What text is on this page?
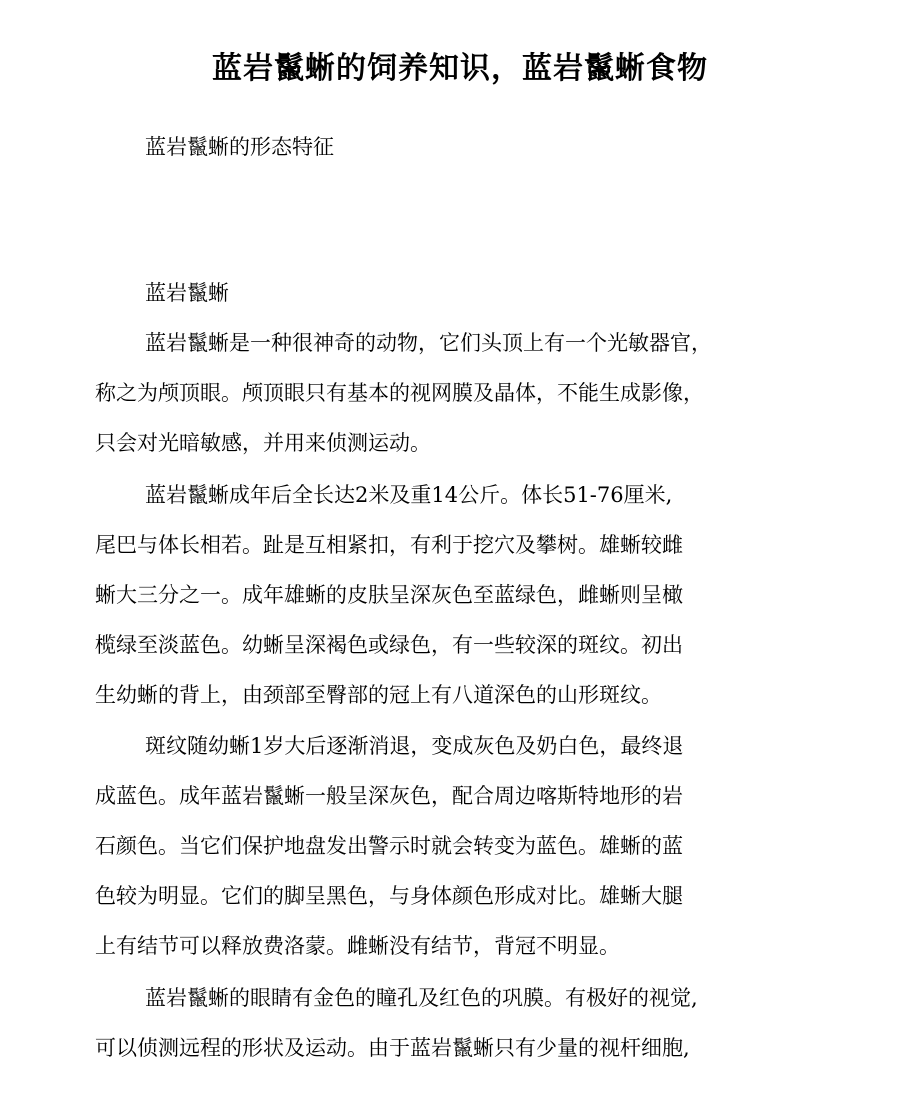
蓝岩鬣蜥的饲养知识，蓝岩鬣蜥食物
蓝岩鬣蜥的形态特征
蓝岩鬣蜥
蓝岩鬣蜥是一种很神奇的动物，它们头顶上有一个光敏器官，
称之为颅顶眼。颅顶眼只有基本的视网膜及晶体，不能生成影像，
只会对光暗敏感，并用来侦测运动。
蓝岩鬣蜥成年后全长达2米及重14公斤。体长51-76厘米,
尾巴与体长相若。趾是互相紧扣，有利于挖穴及攀树。雄蜥较雌
蜥大三分之一。成年雄蜥的皮肤呈深灰色至蓝绿色，雌蜥则呈橄
榄绿至淡蓝色。幼蜥呈深褐色或绿色，有一些较深的斑纹。初出
生幼蜥的背上，由颈部至臀部的冠上有八道深色的山形斑纹。
斑纹随幼蜥1岁大后逐渐消退，变成灰色及奶白色，最终退
成蓝色。成年蓝岩鬣蜥一般呈深灰色，配合周边喀斯特地形的岩
石颜色。当它们保护地盘发出警示时就会转变为蓝色。雄蜥的蓝
色较为明显。它们的脚呈黑色，与身体颜色形成对比。雄蜥大腿
上有结节可以释放费洛蒙。雌蜥没有结节，背冠不明显。
蓝岩鬣蜥的眼睛有金色的瞳孔及红色的巩膜。有极好的视觉,
可以侦测远程的形状及运动。由于蓝岩鬣蜥只有少量的视杆细胞,
